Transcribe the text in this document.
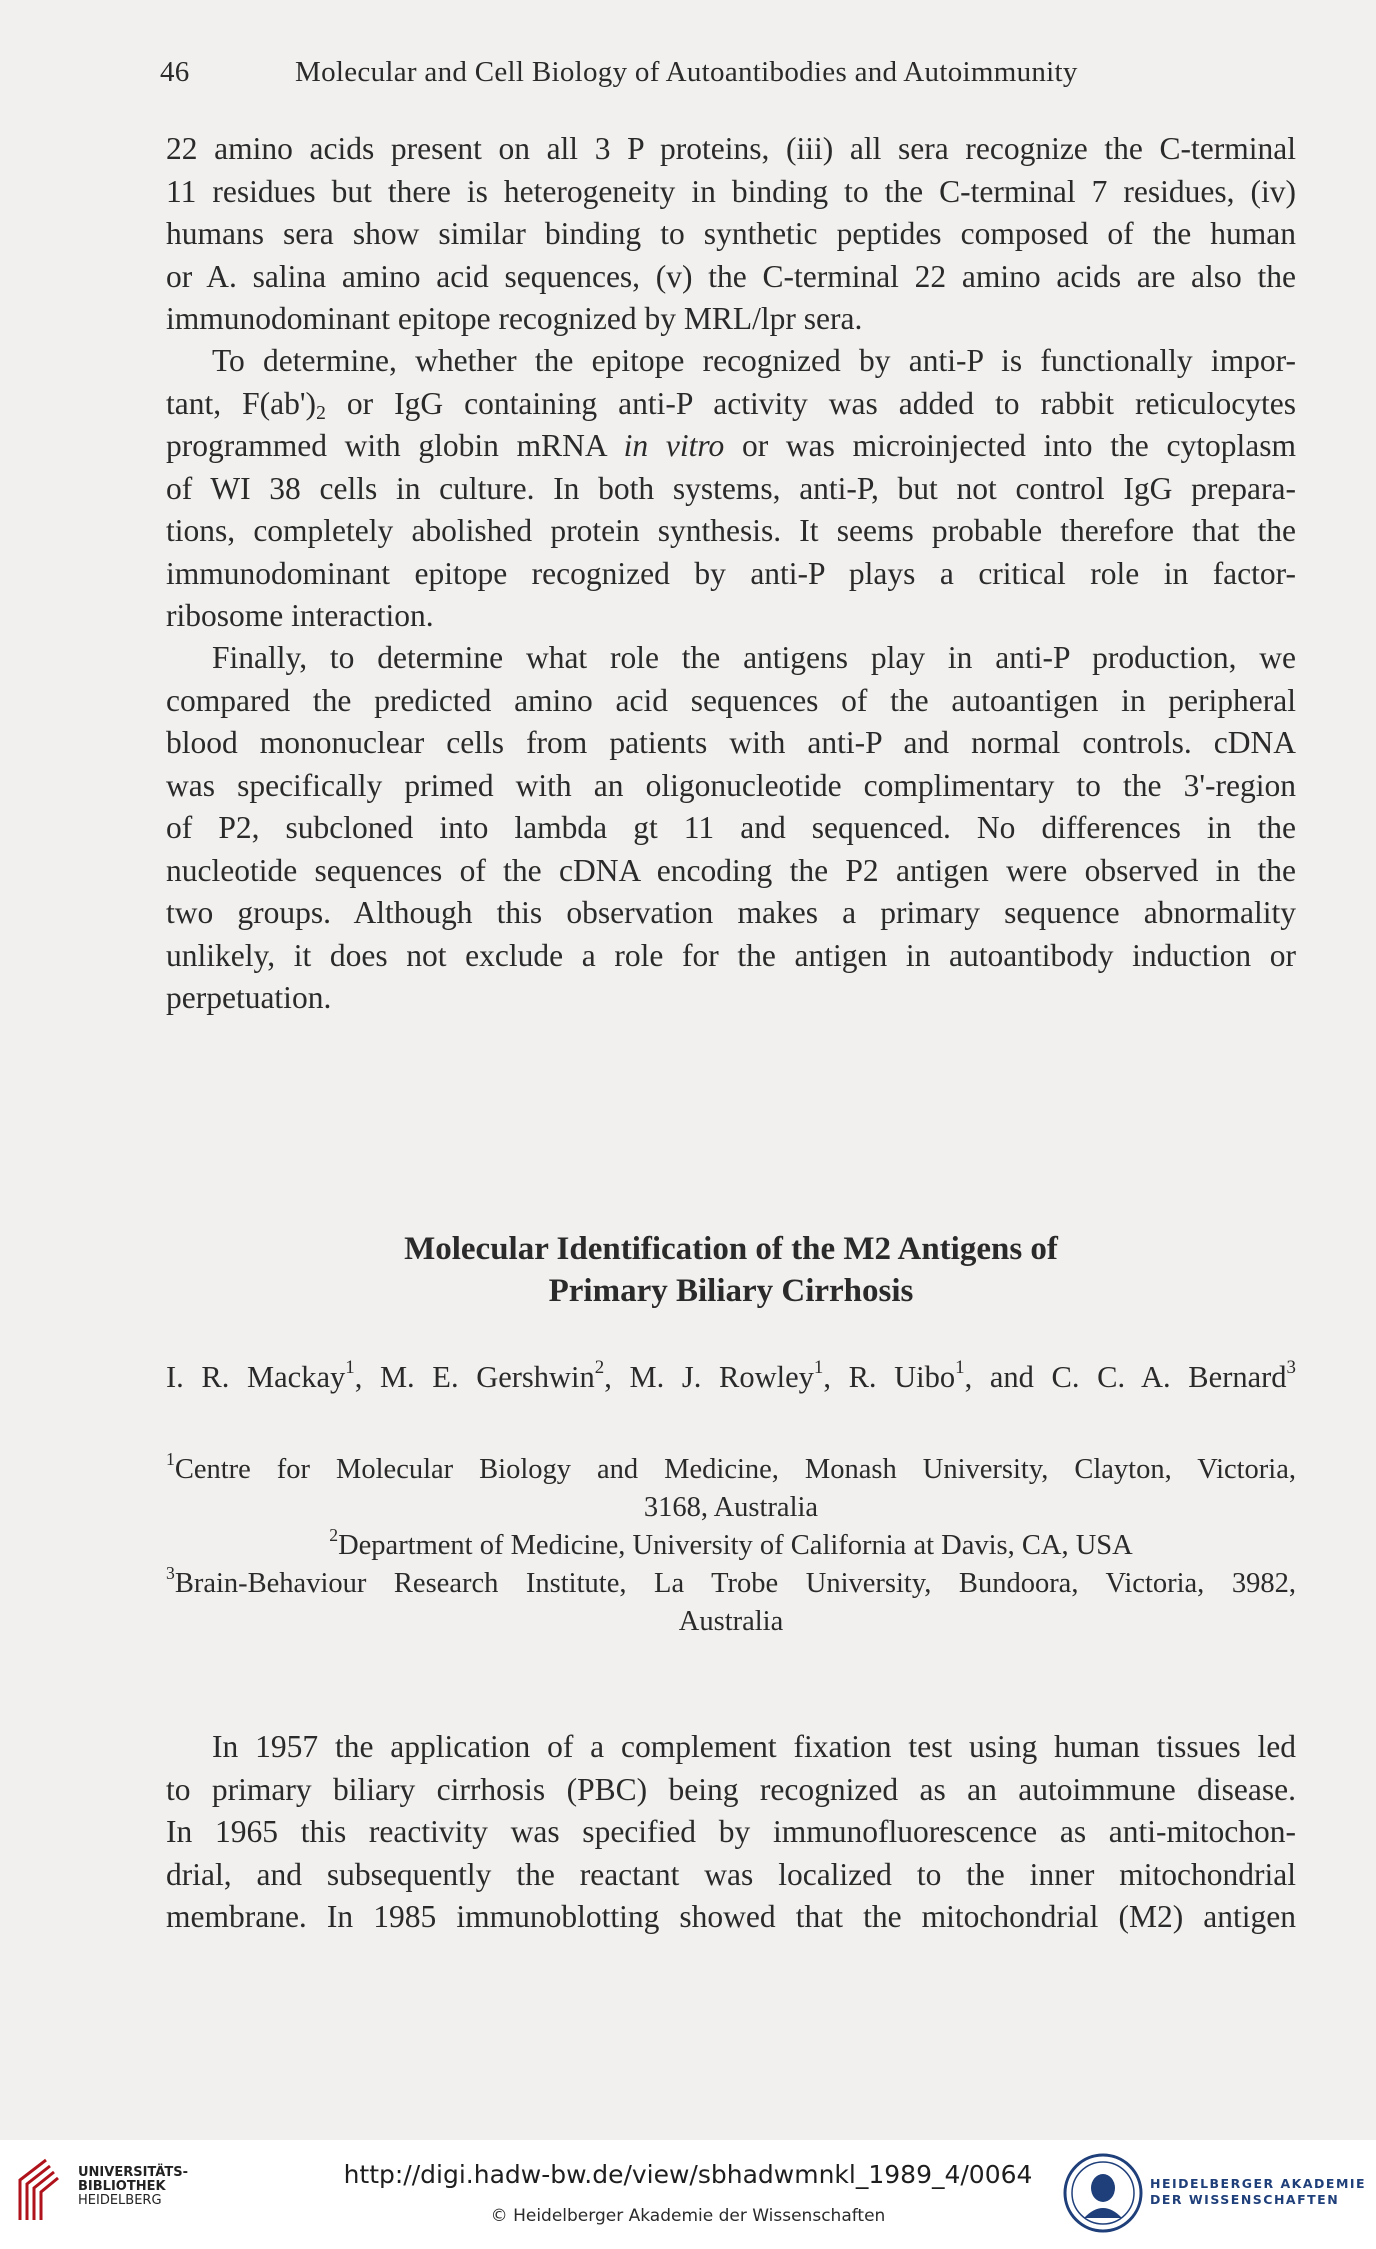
46	Molecular and Cell Biology of Autoantibodies and Autoimmunity
22 amino acids present on all 3 P proteins, (iii) all sera recognize the C-terminal
11 residues but there is heterogeneity in binding to the C-terminal 7 residues, (iv)
humans sera show similar binding to synthetic peptides composed of the human
or A. salina amino acid sequences, (v) the C-terminal 22 amino acids are also the
immunodominant epitope recognized by MRL/lpr sera.
To determine, whether the epitope recognized by anti-P is functionally impor-
tant, $F(ab')_2$ or IgG containing anti-P activity was added to rabbit reticulocytes
programmed with globin mRNA in vitro or was microinjected into the cytoplasm
of WI 38 cells in culture. In both systems, anti-P, but not control IgG prepara-
tions, completely abolished protein synthesis. It seems probable therefore that the
immunodominant epitope recognized by anti-P plays a critical role in factor-
ribosome interaction.
Finally, to determine what role the antigens play in anti-P production, we
compared the predicted amino acid sequences of the autoantigen in peripheral
blood mononuclear cells from patients with anti-P and normal controls. cDNA
was specifically primed with an oligonucleotide complimentary to the 3'-region
of P2, subcloned into lambda gt 11 and sequenced. No differences in the
nucleotide sequences of the cDNA encoding the P2 antigen were observed in the
two groups. Although this observation makes a primary sequence abnormality
unlikely, it does not exclude a role for the antigen in autoantibody induction or
perpetuation.
Molecular Identification of the M2 Antigens of
Primary Biliary Cirrhosis
I. R. Mackay$^1$, M. E. Gershwin$^2$, M. J. Rowley$^1$, R. Uibo$^1$, and C. C. A. Bernard$^3$
$^1$Centre for Molecular Biology and Medicine, Monash University, Clayton, Victoria,
3168, Australia
$^2$Department of Medicine, University of California at Davis, CA, USA
$^3$Brain-Behaviour Research Institute, La Trobe University, Bundoora, Victoria, 3982,
Australia
In 1957 the application of a complement fixation test using human tissues led
to primary biliary cirrhosis (PBC) being recognized as an autoimmune disease.
In 1965 this reactivity was specified by immunofluorescence as anti-mitochon-
drial, and subsequently the reactant was localized to the inner mitochondrial
membrane. In 1985 immunoblotting showed that the mitochondrial (M2) antigen
UNIVERSITÄTS-
BIBLIOTHEK
HEIDELBERG
http://digi.hadw-bw.de/view/sbhadwmnkl_1989_4/0064
© Heidelberger Akademie der Wissenschaften
HEIDELBERGER AKADEMIE
DER WISSENSCHAFTEN
